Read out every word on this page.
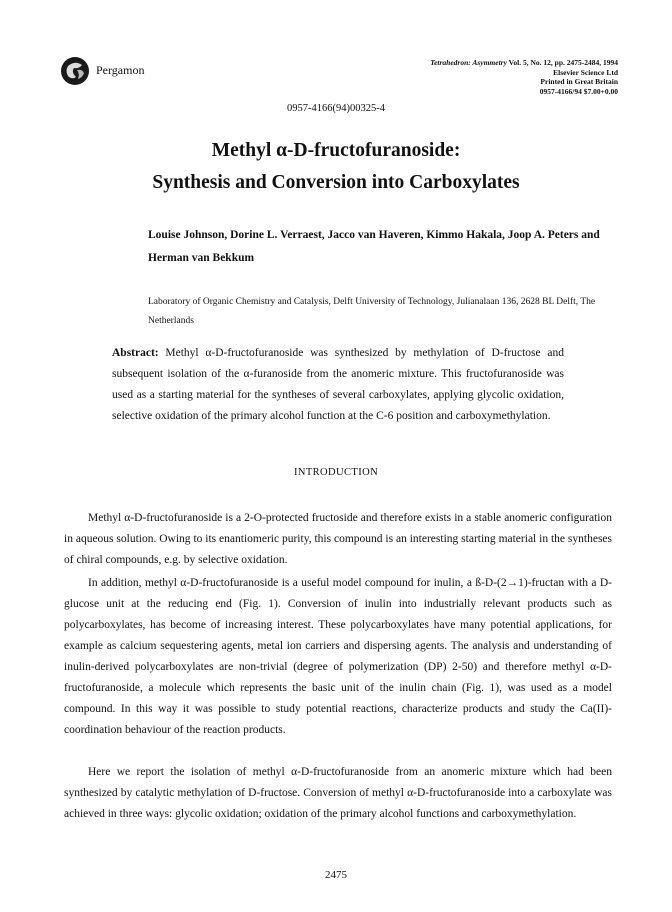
Pergamon
Tetrahedron: Asymmetry Vol. 5, No. 12, pp. 2475-2484, 1994
Elsevier Science Ltd
Printed in Great Britain
0957-4166/94 $7.00+0.00
0957-4166(94)00325-4
Methyl α-D-fructofuranoside:
Synthesis and Conversion into Carboxylates
Louise Johnson, Dorine L. Verraest, Jacco van Haveren, Kimmo Hakala, Joop A. Peters and Herman van Bekkum
Laboratory of Organic Chemistry and Catalysis, Delft University of Technology, Julianalaan 136, 2628 BL Delft, The Netherlands
Abstract: Methyl α-D-fructofuranoside was synthesized by methylation of D-fructose and subsequent isolation of the α-furanoside from the anomeric mixture. This fructofuranoside was used as a starting material for the syntheses of several carboxylates, applying glycolic oxidation, selective oxidation of the primary alcohol function at the C-6 position and carboxymethylation.
INTRODUCTION

Methyl α-D-fructofuranoside is a 2-O-protected fructoside and therefore exists in a stable anomeric configuration in aqueous solution. Owing to its enantiomeric purity, this compound is an interesting starting material in the syntheses of chiral compounds, e.g. by selective oxidation.

In addition, methyl α-D-fructofuranoside is a useful model compound for inulin, a ß-D-(2→1)-fructan with a D-glucose unit at the reducing end (Fig. 1). Conversion of inulin into industrially relevant products such as polycarboxylates, has become of increasing interest. These polycarboxylates have many potential applications, for example as calcium sequestering agents, metal ion carriers and dispersing agents. The analysis and understanding of inulin-derived polycarboxylates are non-trivial (degree of polymerization (DP) 2-50) and therefore methyl α-D-fructofuranoside, a molecule which represents the basic unit of the inulin chain (Fig. 1), was used as a model compound. In this way it was possible to study potential reactions, characterize products and study the Ca(II)-coordination behaviour of the reaction products.

Here we report the isolation of methyl α-D-fructofuranoside from an anomeric mixture which had been synthesized by catalytic methylation of D-fructose. Conversion of methyl α-D-fructofuranoside into a carboxylate was achieved in three ways: glycolic oxidation; oxidation of the primary alcohol functions and carboxymethylation.

2475
